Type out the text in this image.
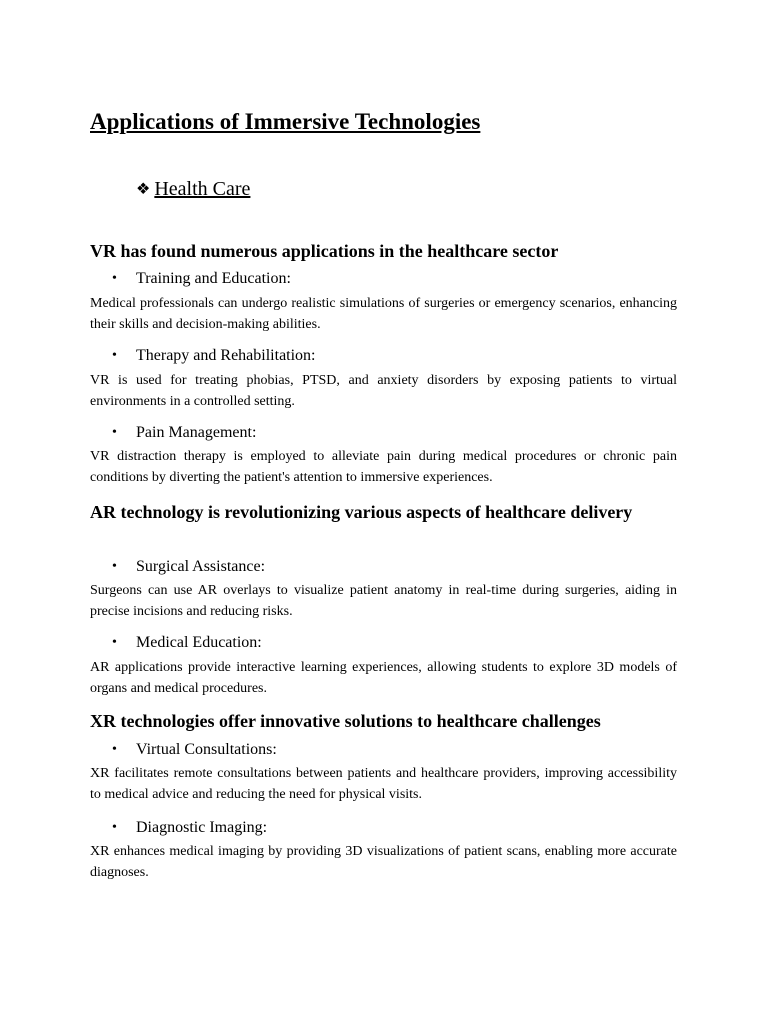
Applications of Immersive Technologies
❖ Health Care
VR has found numerous applications in the healthcare sector
•	Training and Education:

Medical professionals can undergo realistic simulations of surgeries or emergency scenarios, enhancing their skills and decision-making abilities.

•	Therapy and Rehabilitation:

VR is used for treating phobias, PTSD, and anxiety disorders by exposing patients to virtual environments in a controlled setting.

•	Pain Management:

VR distraction therapy is employed to alleviate pain during medical procedures or chronic pain conditions by diverting the patient's attention to immersive experiences.

AR technology is revolutionizing various aspects of healthcare delivery
•	Surgical Assistance:

Surgeons can use AR overlays to visualize patient anatomy in real-time during surgeries, aiding in precise incisions and reducing risks.

•	Medical Education:

AR applications provide interactive learning experiences, allowing students to explore 3D models of organs and medical procedures.

XR technologies offer innovative solutions to healthcare challenges
•	Virtual Consultations:

XR facilitates remote consultations between patients and healthcare providers, improving accessibility to medical advice and reducing the need for physical visits.

•	Diagnostic Imaging:

XR enhances medical imaging by providing 3D visualizations of patient scans, enabling more accurate diagnoses.
